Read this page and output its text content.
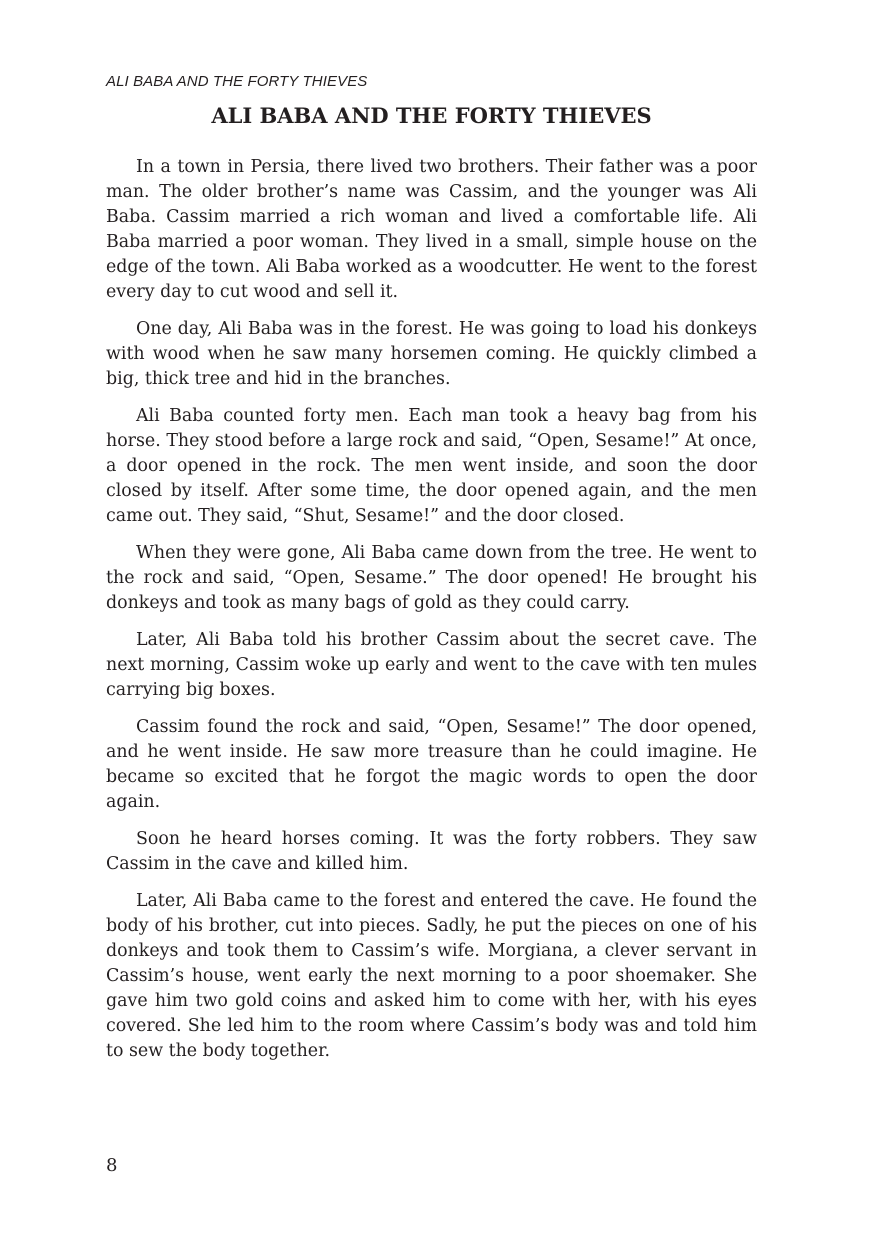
ALI BABA AND THE FORTY THIEVES
ALI BABA AND THE FORTY THIEVES

In a town in Persia, there lived two brothers. Their father was a poor man. The older brother’s name was Cassim, and the younger was Ali Baba. Cassim married a rich woman and lived a comfortable life. Ali Baba married a poor woman. They lived in a small, simple house on the edge of the town. Ali Baba worked as a woodcutter. He went to the forest every day to cut wood and sell it.

One day, Ali Baba was in the forest. He was going to load his donkeys with wood when he saw many horsemen coming. He quickly climbed a big, thick tree and hid in the branches.

Ali Baba counted forty men. Each man took a heavy bag from his horse. They stood before a large rock and said, “Open, Sesame!” At once, a door opened in the rock. The men went inside, and soon the door closed by itself. After some time, the door opened again, and the men came out. They said, “Shut, Sesame!” and the door closed.

When they were gone, Ali Baba came down from the tree. He went to the rock and said, “Open, Sesame.” The door opened! He brought his donkeys and took as many bags of gold as they could carry.

Later, Ali Baba told his brother Cassim about the secret cave. The next morning, Cassim woke up early and went to the cave with ten mules carrying big boxes.

Cassim found the rock and said, “Open, Sesame!” The door opened, and he went inside. He saw more treasure than he could imagine. He became so excited that he forgot the magic words to open the door again.

Soon he heard horses coming. It was the forty robbers. They saw Cassim in the cave and killed him.

Later, Ali Baba came to the forest and entered the cave. He found the body of his brother, cut into pieces. Sadly, he put the pieces on one of his donkeys and took them to Cassim’s wife. Morgiana, a clever servant in Cassim’s house, went early the next morning to a poor shoemaker. She gave him two gold coins and asked him to come with her, with his eyes covered. She led him to the room where Cassim’s body was and told him to sew the body together.

8
